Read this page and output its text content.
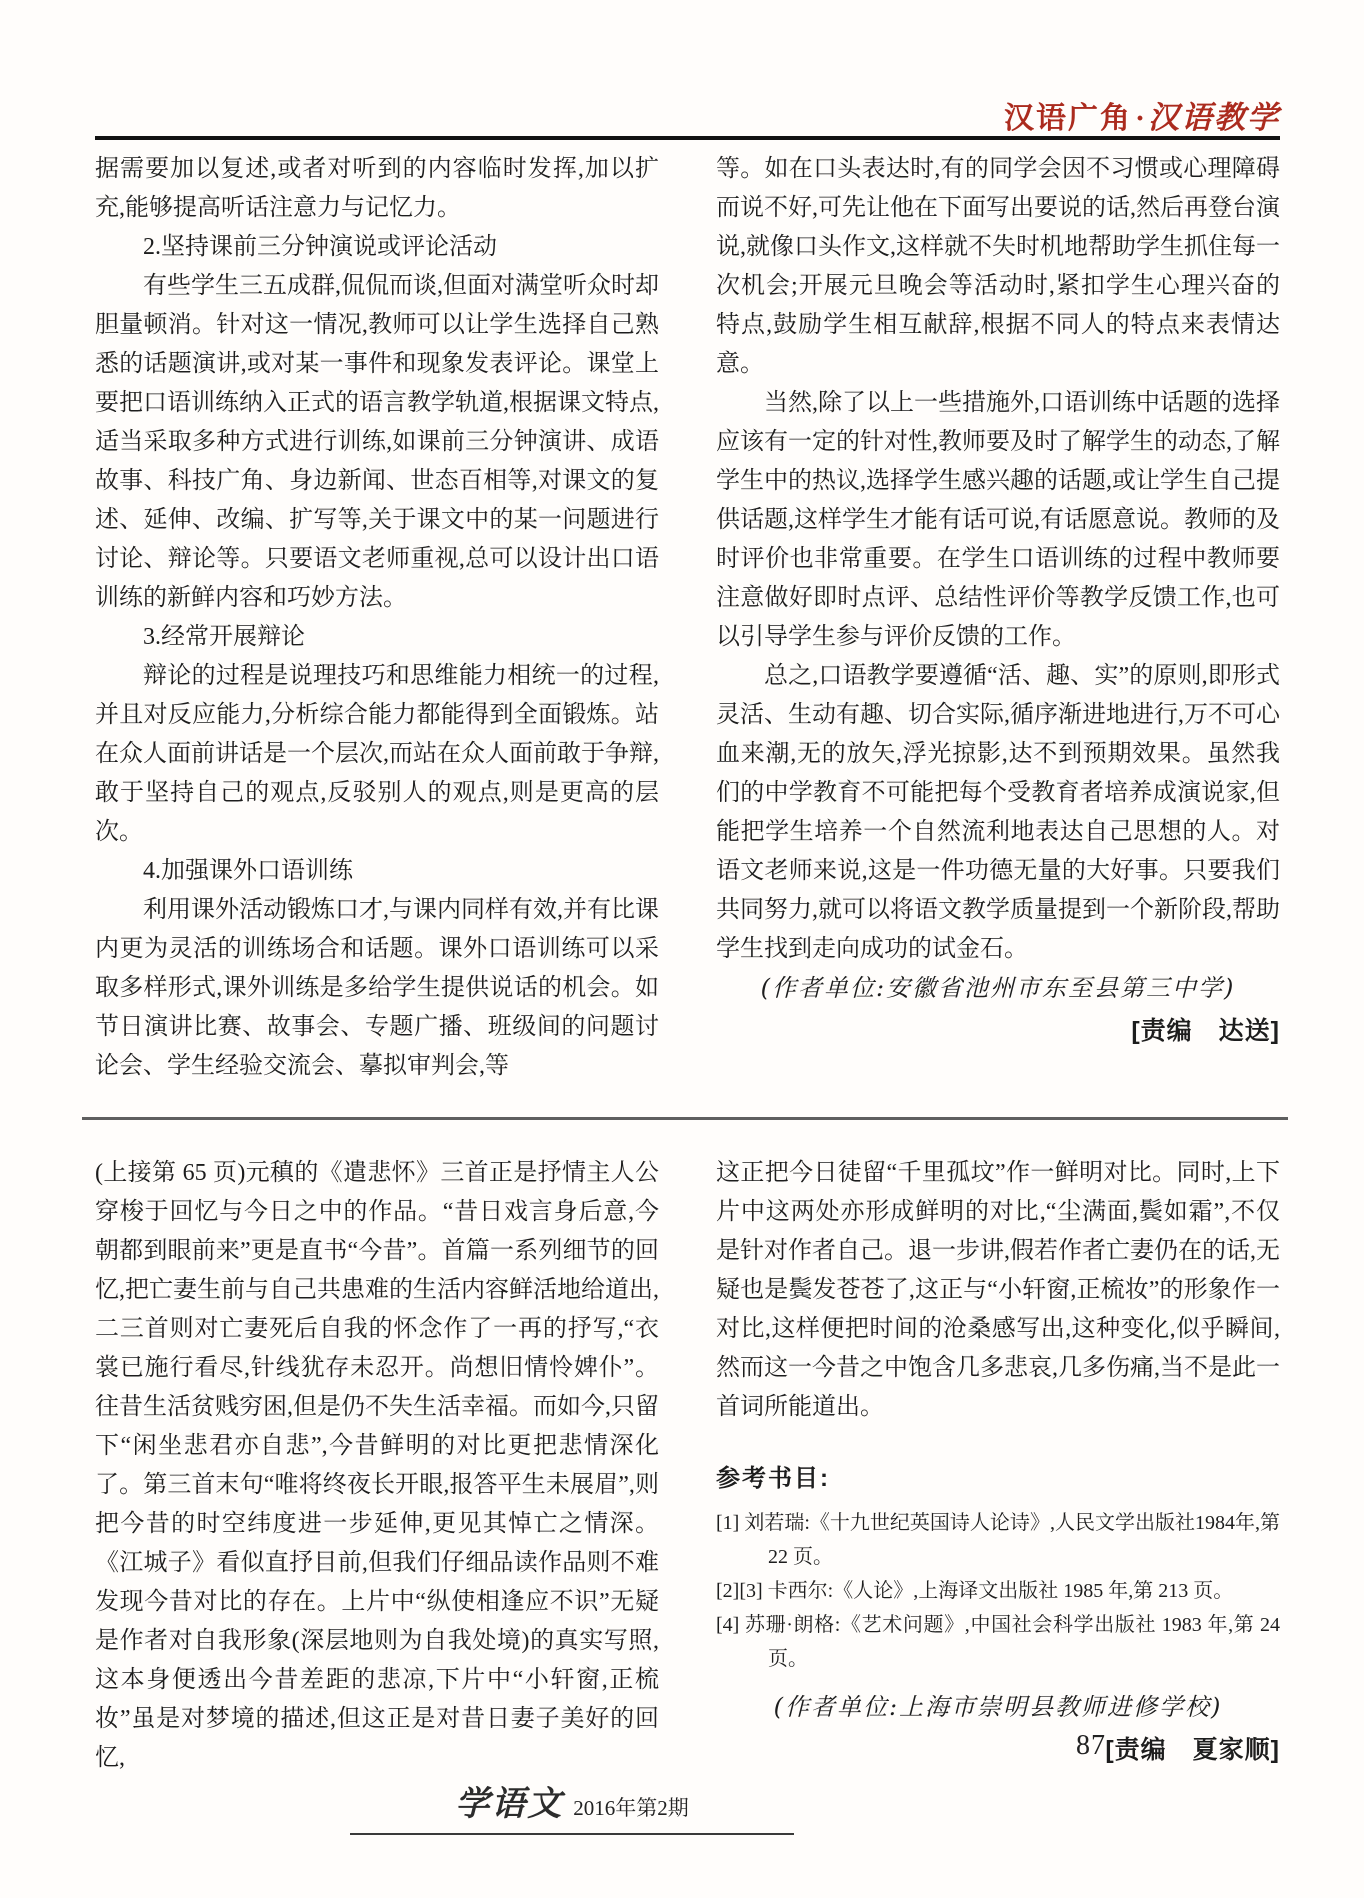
汉语广角 ·汉语教学

据需要加以复述,或者对听到的内容临时发挥,加以扩充,能够提高听话注意力与记忆力。

2.坚持课前三分钟演说或评论活动

有些学生三五成群,侃侃而谈,但面对满堂听众时却胆量顿消。针对这一情况,教师可以让学生选择自己熟悉的话题演讲,或对某一事件和现象发表评论。课堂上要把口语训练纳入正式的语言教学轨道,根据课文特点,适当采取多种方式进行训练,如课前三分钟演讲、成语故事、科技广角、身边新闻、世态百相等,对课文的复述、延伸、改编、扩写等,关于课文中的某一问题进行讨论、辩论等。只要语文老师重视,总可以设计出口语训练的新鲜内容和巧妙方法。

3.经常开展辩论

辩论的过程是说理技巧和思维能力相统一的过程,并且对反应能力,分析综合能力都能得到全面锻炼。站在众人面前讲话是一个层次,而站在众人面前敢于争辩,敢于坚持自己的观点,反驳别人的观点,则是更高的层次。

4.加强课外口语训练

利用课外活动锻炼口才,与课内同样有效,并有比课内更为灵活的训练场合和话题。课外口语训练可以采取多样形式,课外训练是多给学生提供说话的机会。如节日演讲比赛、故事会、专题广播、班级间的问题讨论会、学生经验交流会、摹拟审判会,等

等。如在口头表达时,有的同学会因不习惯或心理障碍而说不好,可先让他在下面写出要说的话,然后再登台演说,就像口头作文,这样就不失时机地帮助学生抓住每一次机会;开展元旦晚会等活动时,紧扣学生心理兴奋的特点,鼓励学生相互献辞,根据不同人的特点来表情达意。

当然,除了以上一些措施外,口语训练中话题的选择应该有一定的针对性,教师要及时了解学生的动态,了解学生中的热议,选择学生感兴趣的话题,或让学生自己提供话题,这样学生才能有话可说,有话愿意说。教师的及时评价也非常重要。在学生口语训练的过程中教师要注意做好即时点评、总结性评价等教学反馈工作,也可以引导学生参与评价反馈的工作。

总之,口语教学要遵循“活、趣、实”的原则,即形式灵活、生动有趣、切合实际,循序渐进地进行,万不可心血来潮,无的放矢,浮光掠影,达不到预期效果。虽然我们的中学教育不可能把每个受教育者培养成演说家,但能把学生培养一个自然流利地表达自己思想的人。对语文老师来说,这是一件功德无量的大好事。只要我们共同努力,就可以将语文教学质量提到一个新阶段,帮助学生找到走向成功的试金石。

(作者单位:安徽省池州市东至县第三中学)

[责编　达送]

(上接第 65 页)元稹的《遣悲怀》三首正是抒情主人公穿梭于回忆与今日之中的作品。“昔日戏言身后意,今朝都到眼前来”更是直书“今昔”。首篇一系列细节的回忆,把亡妻生前与自己共患难的生活内容鲜活地给道出,二三首则对亡妻死后自我的怀念作了一再的抒写,“衣裳已施行看尽,针线犹存未忍开。尚想旧情怜婢仆”。往昔生活贫贱穷困,但是仍不失生活幸福。而如今,只留下“闲坐悲君亦自悲”,今昔鲜明的对比更把悲情深化了。第三首末句“唯将终夜长开眼,报答平生未展眉”,则把今昔的时空纬度进一步延伸,更见其悼亡之情深。《江城子》看似直抒目前,但我们仔细品读作品则不难发现今昔对比的存在。上片中“纵使相逢应不识”无疑是作者对自我形象(深层地则为自我处境)的真实写照,这本身便透出今昔差距的悲凉,下片中“小轩窗,正梳妆”虽是对梦境的描述,但这正是对昔日妻子美好的回忆,

这正把今日徒留“千里孤坟”作一鲜明对比。同时,上下片中这两处亦形成鲜明的对比,“尘满面,鬓如霜”,不仅是针对作者自己。退一步讲,假若作者亡妻仍在的话,无疑也是鬓发苍苍了,这正与“小轩窗,正梳妆”的形象作一对比,这样便把时间的沧桑感写出,这种变化,似乎瞬间,然而这一今昔之中饱含几多悲哀,几多伤痛,当不是此一首词所能道出。

参考书目:
[1] 刘若瑞:《十九世纪英国诗人论诗》,人民文学出版社1984年,第 22 页。
[2][3] 卡西尔:《人论》,上海译文出版社 1985 年,第 213 页。
[4] 苏珊·朗格:《艺术问题》,中国社会科学出版社 1983 年,第 24 页。

(作者单位:上海市崇明县教师进修学校)

[责编　夏家顺]

87
学语文 2016年第2期
